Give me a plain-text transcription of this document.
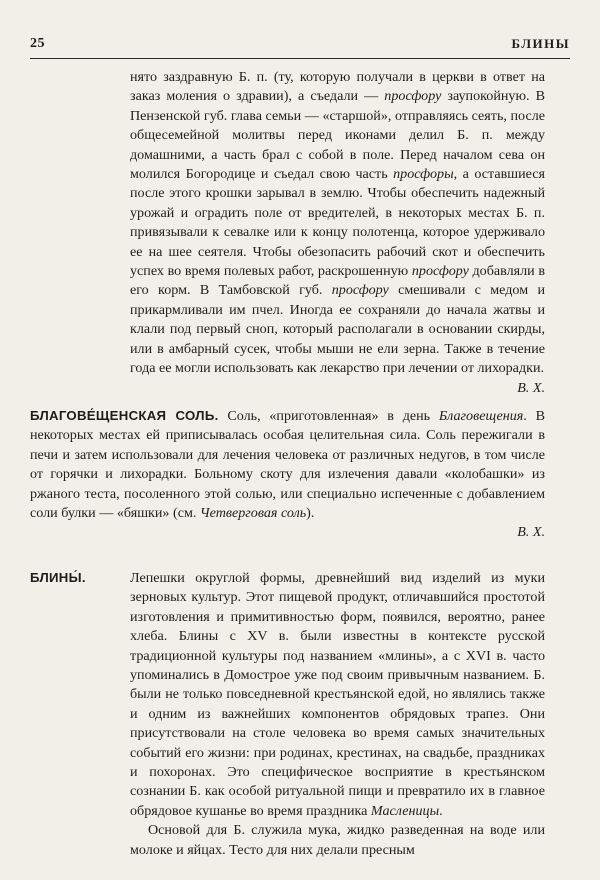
25	БЛИНЫ

нято заздравную Б. п. (ту, которую получали в церкви в ответ на заказ моления о здравии), а съедали — просфору заупокойную. В Пензенской губ. глава семьи — «старшой», отправляясь сеять, после общесемейной молитвы перед иконами делил Б. п. между домашними, а часть брал с собой в поле. Перед началом сева он молился Богородице и съедал свою часть просфоры, а оставшиеся после этого крошки зарывал в землю. Чтобы обеспечить надежный урожай и оградить поле от вредителей, в некоторых местах Б. п. привязывали к севалке или к концу полотенца, которое удерживало ее на шее сеятеля. Чтобы обезопасить рабочий скот и обеспечить успех во время полевых работ, раскрошенную просфору добавляли в его корм. В Тамбовской губ. просфору смешивали с медом и прикармливали им пчел. Иногда ее сохраняли до начала жатвы и клали под первый сноп, который располагали в основании скирды, или в амбарный сусек, чтобы мыши не ели зерна. Также в течение года ее могли использовать как лекарство при лечении от лихорадки.

В. Х.

БЛАГОВЕ́ЩЕНСКАЯ СОЛЬ. Соль, «приготовленная» в день Благовещения. В некоторых местах ей приписывалась особая целительная сила. Соль пережигали в печи и затем использовали для лечения человека от различных недугов, в том числе от горячки и лихорадки. Больному скоту для излечения давали «колобашки» из ржаного теста, посоленного этой солью, или специально испеченные с добавлением соли булки — «бяшки» (см. Четверговая соль).

В. Х.

БЛИНЫ́.	Лепешки округлой формы, древнейший вид изделий из муки зерновых культур. Этот пищевой продукт, отличавшийся простотой изготовления и примитивностью форм, появился, вероятно, ранее хлеба. Блины с XV в. были известны в контексте русской традиционной культуры под названием «млины», а с XVI в. часто упоминались в Домострое уже под своим привычным названием. Б. были не только повседневной крестьянской едой, но являлись также и одним из важнейших компонентов обрядовых трапез. Они присутствовали на столе человека во время самых значительных событий его жизни: при родинах, крестинах, на свадьбе, праздниках и похоронах. Это специфическое восприятие в крестьянском сознании Б. как особой ритуальной пищи и превратило их в главное обрядовое кушанье во время праздника Масленицы.

Основой для Б. служила мука, жидко разведенная на воде или молоке и яйцах. Тесто для них делали пресным
